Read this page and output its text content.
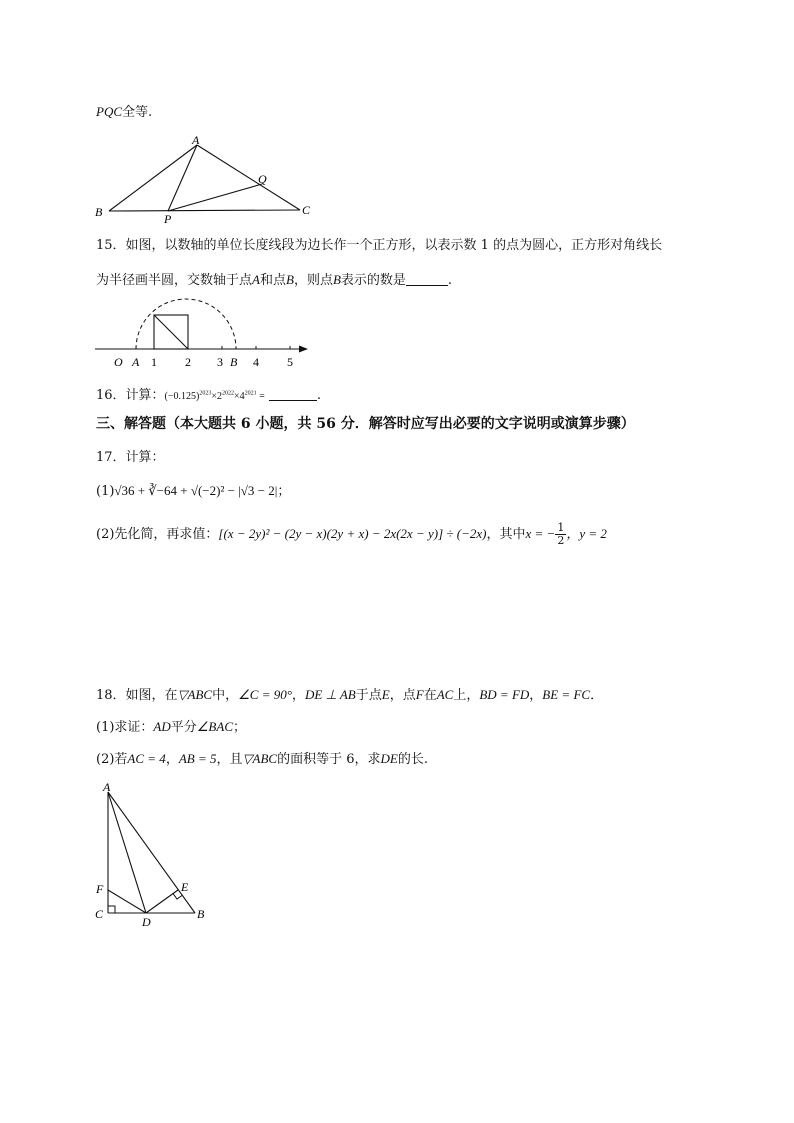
PQC全等.
A
B	C
P
Q
15．如图，以数轴的单位长度线段为边长作一个正方形，以表示数 1 的点为圆心，正方形对角线长
为半径画半圆，交数轴于点A和点B，则点B表示的数是	.
O A 1 2 3 B 4 5
16．计算：$(-0.125)^{2023}\times 2^{2022}\times 4^{2021}$ =	.
三、解答题（本大题共 6 小题，共 56 分．解答时应写出必要的文字说明或演算步骤）
17．计算：
(1)√36 + ∛−64 + √(−2)² − |√3 − 2|；
(2)先化简，再求值：[(x − 2y)² − (2y − x)(2y + x) − 2x(2x − y)] ÷ (−2x)，其中x = − $\frac{1}{2}$ ，y = 2
18．如图，在▽ABC中，∠C = 90°，DE ⊥ AB于点E，点F在AC上，BD = FD，BE = FC．
(1)求证：AD平分∠BAC；
(2)若AC = 4，AB = 5，且▽ABC的面积等于 6，求DE的长.
A
B
C
D
E
F
